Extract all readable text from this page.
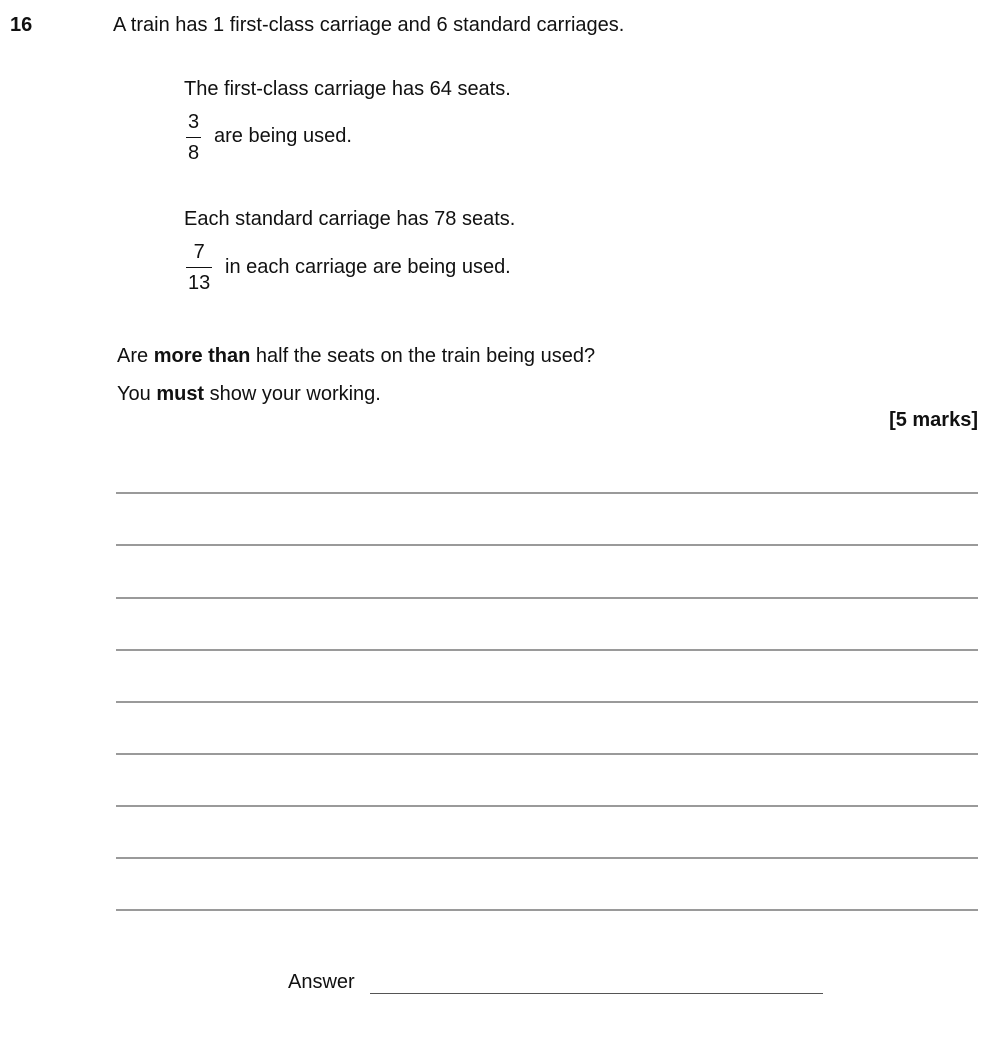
16	A train has 1 first-class carriage and 6 standard carriages.
The first-class carriage has 64 seats.
3
8
are being used.
Each standard carriage has 78 seats.
7
13
in each carriage are being used.
Are more than half the seats on the train being used?
You must show your working.
[5 marks]
Answer
